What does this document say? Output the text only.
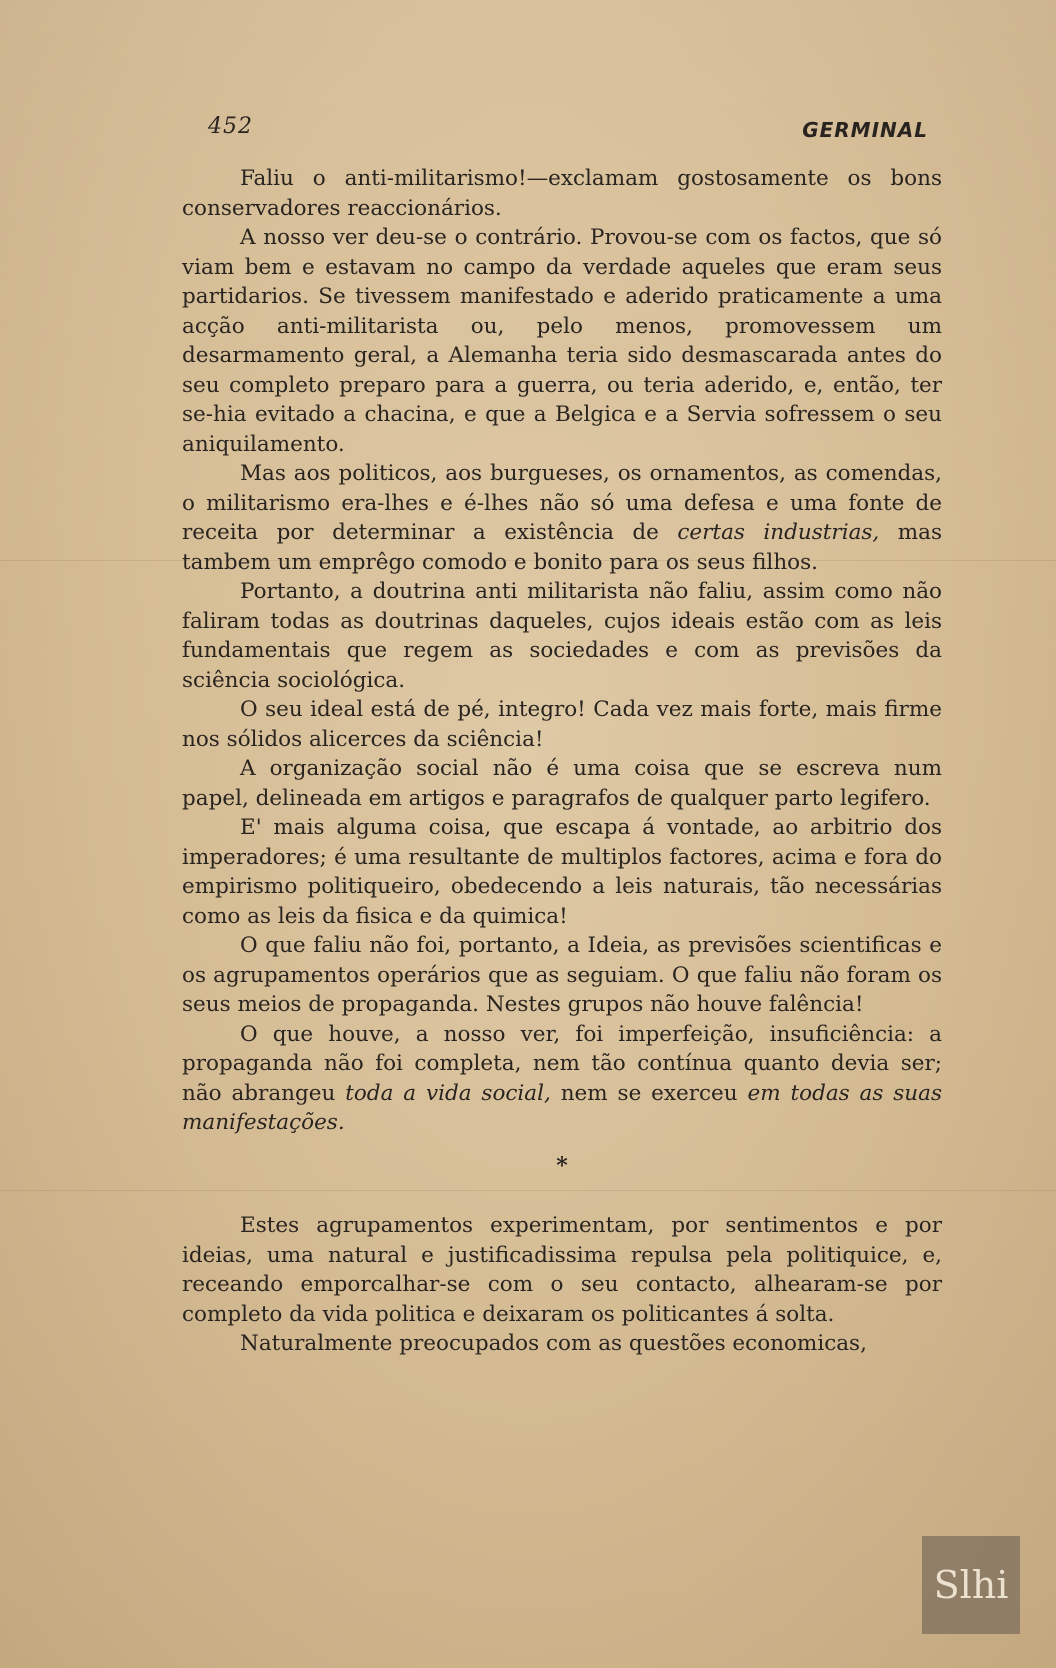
452	GERMINAL

Faliu o anti-militarismo!—exclamam gostosamente os bons conservadores reaccionários.

A nosso ver deu-se o contrário. Provou-se com os factos, que só viam bem e estavam no campo da verdade aqueles que eram seus partidarios. Se tivessem manifestado e aderido praticamente a uma acção anti-militarista ou, pelo menos, promovessem um desarmamento geral, a Alemanha teria sido desmascarada antes do seu completo preparo para a guerra, ou teria aderido, e, então, ter se-hia evitado a chacina, e que a Belgica e a Servia sofressem o seu aniquilamento.

Mas aos politicos, aos burgueses, os ornamentos, as comendas, o militarismo era-lhes e é-lhes não só uma defesa e uma fonte de receita por determinar a existência de certas industrias, mas tambem um emprêgo comodo e bonito para os seus filhos.

Portanto, a doutrina anti militarista não faliu, assim como não faliram todas as doutrinas daqueles, cujos ideais estão com as leis fundamentais que regem as sociedades e com as previsões da sciência sociológica.

O seu ideal está de pé, integro! Cada vez mais forte, mais firme nos sólidos alicerces da sciência!

A organização social não é uma coisa que se escreva num papel, delineada em artigos e paragrafos de qualquer parto legifero.

E' mais alguma coisa, que escapa á vontade, ao arbitrio dos imperadores; é uma resultante de multiplos factores, acima e fora do empirismo politiqueiro, obedecendo a leis naturais, tão necessárias como as leis da fisica e da quimica!

O que faliu não foi, portanto, a Ideia, as previsões scientificas e os agrupamentos operários que as seguiam. O que faliu não foram os seus meios de propaganda. Nestes grupos não houve falência!

O que houve, a nosso ver, foi imperfeição, insuficiência: a propaganda não foi completa, nem tão contínua quanto devia ser; não abrangeu toda a vida social, nem se exerceu em todas as suas manifestações.

*

Estes agrupamentos experimentam, por sentimentos e por ideias, uma natural e justificadissima repulsa pela politiquice, e, receando emporcalhar-se com o seu contacto, alhearam-se por completo da vida politica e deixaram os politicantes á solta.

Naturalmente preocupados com as questões economicas,

Slhi
